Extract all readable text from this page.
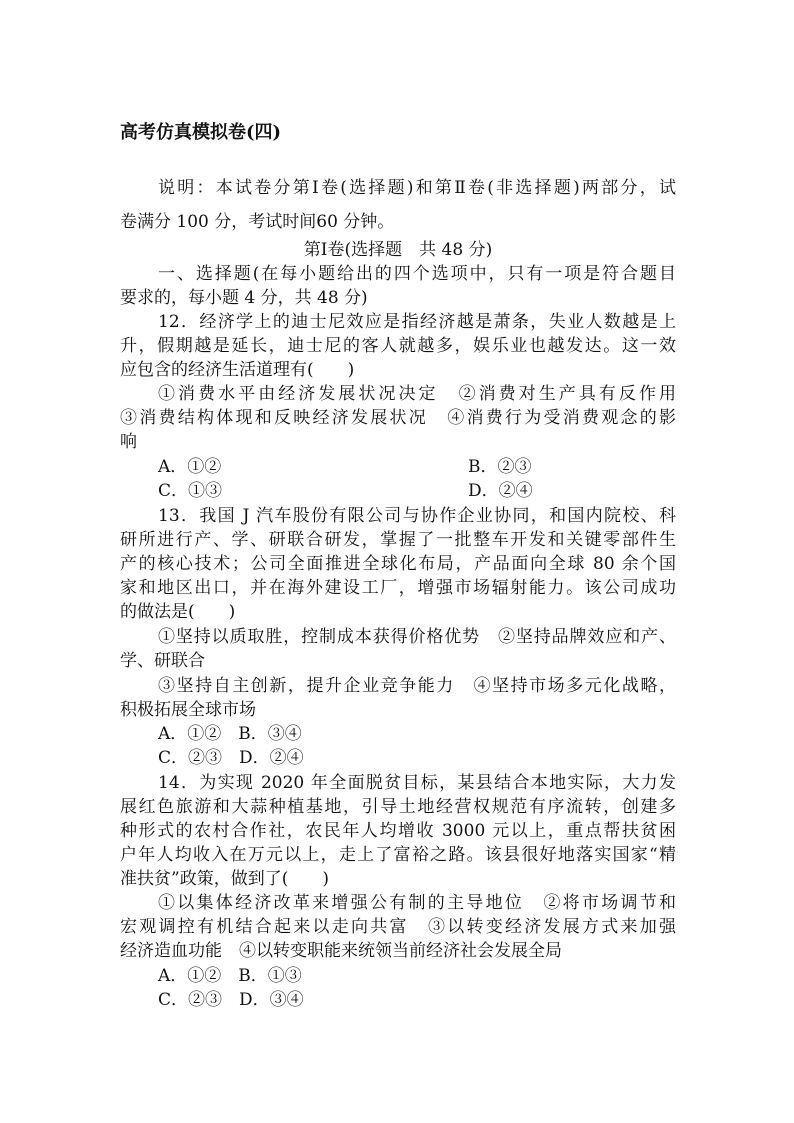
高考仿真模拟卷(四)
说明：本试卷分第Ⅰ卷(选择题)和第Ⅱ卷(非选择题)两部分，试
卷满分 100 分，考试时间60 分钟。
第Ⅰ卷(选择题　共 48 分)
一、选择题(在每小题给出的四个选项中，只有一项是符合题目
要求的，每小题 4 分，共 48 分)
12．经济学上的迪士尼效应是指经济越是萧条，失业人数越是上
升，假期越是延长，迪士尼的客人就越多，娱乐业也越发达。这一效
应包含的经济生活道理有(　　)
①消费水平由经济发展状况决定　②消费对生产具有反作用
③消费结构体现和反映经济发展状况　④消费行为受消费观念的影
响
A．①②	B．②③
C．①③	D．②④
13．我国 J 汽车股份有限公司与协作企业协同，和国内院校、科
研所进行产、学、研联合研发，掌握了一批整车开发和关键零部件生
产的核心技术；公司全面推进全球化布局，产品面向全球 80 余个国
家和地区出口，并在海外建设工厂，增强市场辐射能力。该公司成功
的做法是(　　)
①坚持以质取胜，控制成本获得价格优势　②坚持品牌效应和产、
学、研联合
③坚持自主创新，提升企业竞争能力　④坚持市场多元化战略，
积极拓展全球市场
A．①②　B．③④
C．②③　D．②④
14．为实现 2020 年全面脱贫目标，某县结合本地实际，大力发
展红色旅游和大蒜种植基地，引导土地经营权规范有序流转，创建多
种形式的农村合作社，农民年人均增收 3000 元以上，重点帮扶贫困
户年人均收入在万元以上，走上了富裕之路。该县很好地落实国家“精
准扶贫”政策，做到了(　　)
①以集体经济改革来增强公有制的主导地位　②将市场调节和
宏观调控有机结合起来以走向共富　③以转变经济发展方式来加强
经济造血功能　④以转变职能来统领当前经济社会发展全局
A．①②　B．①③
C．②③　D．③④
